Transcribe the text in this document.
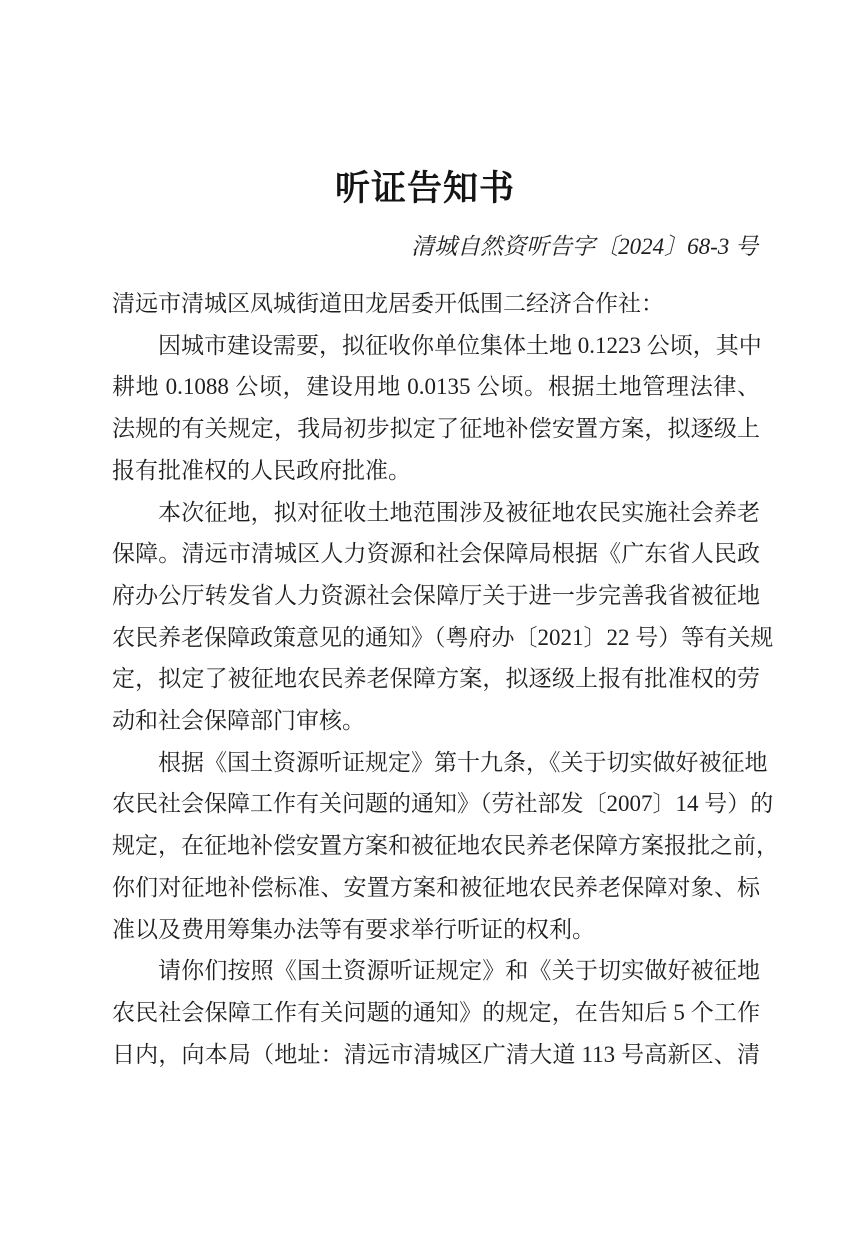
听证告知书
清城自然资听告字〔2024〕68-3 号
清远市清城区凤城街道田龙居委开低围二经济合作社：
因城市建设需要，拟征收你单位集体土地 0.1223 公顷，其中
耕地 0.1088 公顷，建设用地 0.0135 公顷。根据土地管理法律、
法规的有关规定，我局初步拟定了征地补偿安置方案，拟逐级上
报有批准权的人民政府批准。
本次征地，拟对征收土地范围涉及被征地农民实施社会养老
保障。清远市清城区人力资源和社会保障局根据《广东省人民政
府办公厅转发省人力资源社会保障厅关于进一步完善我省被征地
农民养老保障政策意见的通知》（粤府办〔2021〕22 号）等有关规
定，拟定了被征地农民养老保障方案，拟逐级上报有批准权的劳
动和社会保障部门审核。
根据《国土资源听证规定》第十九条，《关于切实做好被征地
农民社会保障工作有关问题的通知》（劳社部发〔2007〕14 号）的
规定，在征地补偿安置方案和被征地农民养老保障方案报批之前，
你们对征地补偿标准、安置方案和被征地农民养老保障对象、标
准以及费用筹集办法等有要求举行听证的权利。
请你们按照《国土资源听证规定》和《关于切实做好被征地
农民社会保障工作有关问题的通知》的规定，在告知后 5 个工作
日内，向本局（地址：清远市清城区广清大道 113 号高新区、清
